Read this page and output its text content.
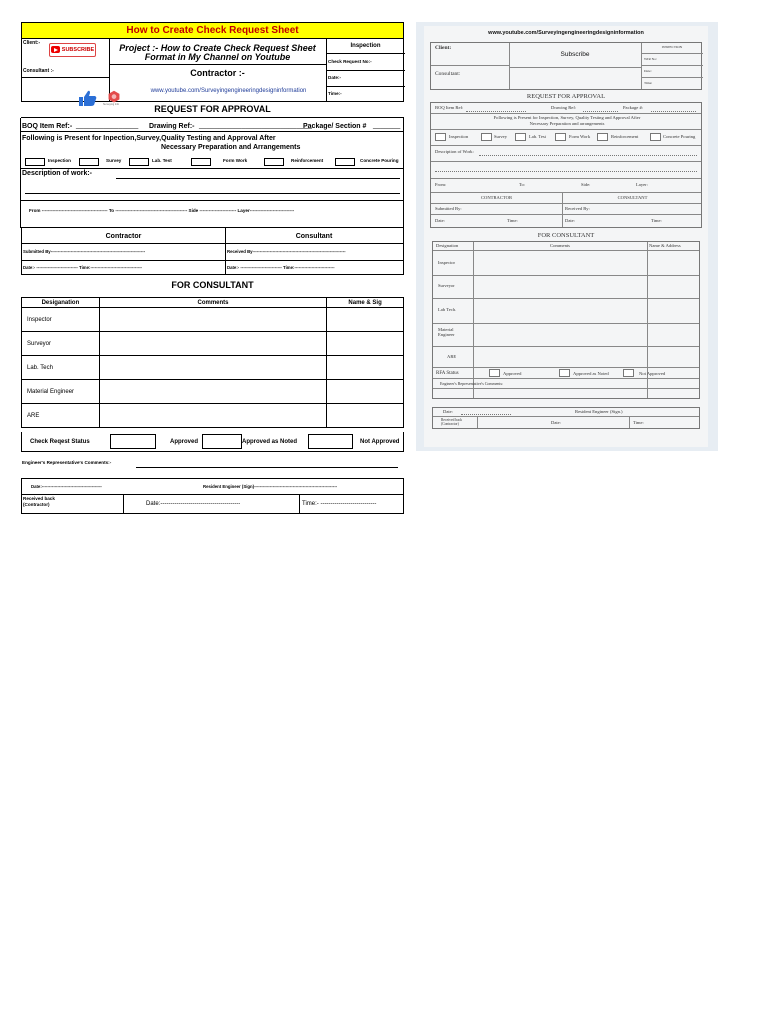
How to Create Check Request Sheet
Client:-
SUBSCRIBE
Consultant :-
Surveying Info
Project :- How to Create Check Request Sheet
Format in My Channel on Youtube
Contractor :-
www.youtube.com/Surveyingengineeringdesigninformation
Inspection
Check Request No:-
Date:-
Time:-
REQUEST FOR APPROVAL
BOQ Item Ref:- ________________ Drawing Ref:- _____________________________
Package/ Section # _______
Following is Present for Inpection,Survey,Quality Testing and Approval After
Necessary Preparation and Arrangements
Inspection	Survey	Lab. Test	Form Work	Reinforcement	Concrete Pouring
Description of work:-
From ------------------------------------------- To ----------------------------------------------- Side ------------------------ Layer-----------------------------
Contractor	Consultant
Submitted By------------------------------------------------------------------	Received By-----------------------------------------------------------------
Date:- ----------------------------- Time:------------------------------------	Date:- ----------------------------- Time:----------------------------
FOR CONSULTANT
Desiganation	Comments	Name & Sig
Inspector		
Surveyor		
Lab. Tech		
Material Engineer		
ARE		
Check Reqest Status	Approved	Approved as Noted	Not Approved
Engineer's Representative's Comments:-
Date:------------------------------------------	Resident Engineer (Sign)----------------------------------------------------------
Received back
(Contractor)	Date:----------------------------------------	Time:- ----------------------------
www.youtube.com/Surveyingengineeringdesigninformation
Client:
Consultant:
Subscribe
INSPECTION
WIR No:
Date:
Time:
REQUEST FOR APPROVAL
BOQ Item Ref:	Drawing Ref:	Package #:
Following is Present for Inspection, Survey, Quality Testing and Approval After
Necessary Preparation and arrangements
Inspection	Survey	Lab. Test	Form Work	Reinforcement	Concrete Pouring
Description of Work:
From:	To:	Side:	Layer:
CONTRACTOR	CONSULTANT
Submitted By:	Received By:
Date:	Time:	Date:	Time:
FOR CONSULTANT
Designation	Comments	Name & Address
Inspector
Surveyor
Lab Tech.
Material Engineer
ARE
RFA Status	Approved	Approved as Noted	Not Approved
Engineer's Representative's Comments:
Date:	Resident Engineer (Sign.)
Received back (Contractor)	Date:	Time:
